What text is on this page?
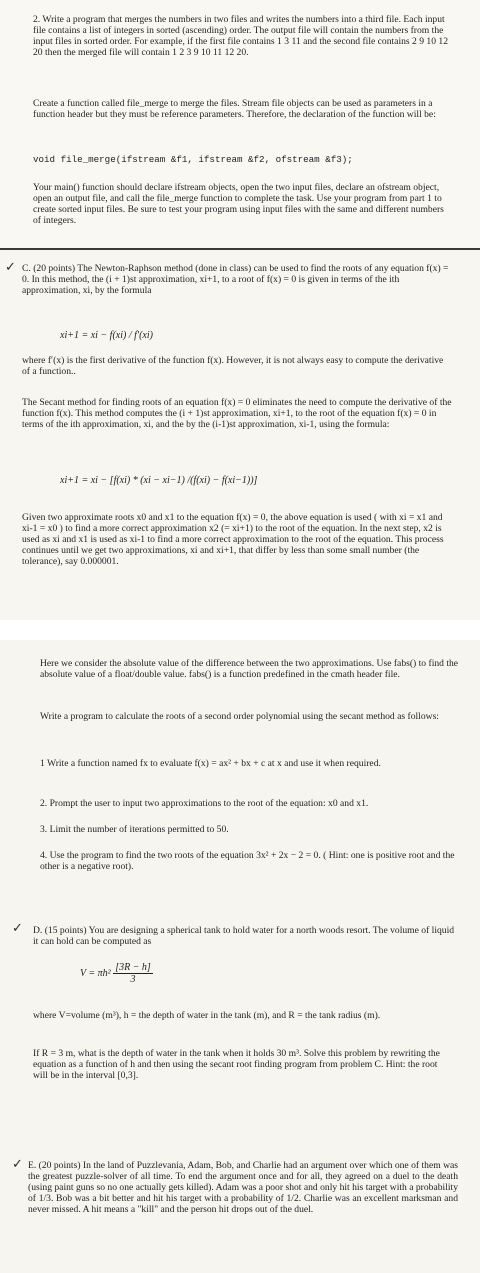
2. Write a program that merges the numbers in two files and writes the numbers into a third file. Each input file contains a list of integers in sorted (ascending) order. The output file will contain the numbers from the input files in sorted order. For example, if the first file contains 1 3 11 and the second file contains 2 9 10 12 20 then the merged file will contain 1 2 3 9 10 11 12 20.
Create a function called file_merge to merge the files. Stream file objects can be used as parameters in a function header but they must be reference parameters. Therefore, the declaration of the function will be:
void file_merge(ifstream &f1, ifstream &f2, ofstream &f3);
Your main() function should declare ifstream objects, open the two input files, declare an ofstream object, open an output file, and call the file_merge function to complete the task. Use your program from part 1 to create sorted input files. Be sure to test your program using input files with the same and different numbers of integers.
✓ C. (20 points) The Newton-Raphson method (done in class) can be used to find the roots of any equation f(x) = 0. In this method, the (i + 1)st approximation, xi+1, to a root of f(x) = 0 is given in terms of the ith approximation, xi, by the formula
xi+1 = xi − f(xi) / f′(xi)
where f′(x) is the first derivative of the function f(x). However, it is not always easy to compute the derivative of a function..
The Secant method for finding roots of an equation f(x) = 0 eliminates the need to compute the derivative of the function f(x). This method computes the (i + 1)st approximation, xi+1, to the root of the equation f(x) = 0 in terms of the ith approximation, xi, and the by the (i-1)st approximation, xi-1, using the formula:
xi+1 = xi − [f(xi) * (xi − xi−1) /(f(xi) − f(xi−1))]
Given two approximate roots x0 and x1 to the equation f(x) = 0, the above equation is used ( with xi = x1 and xi-1 = x0 ) to find a more correct approximation x2 (= xi+1) to the root of the equation. In the next step, x2 is used as xi and x1 is used as xi-1 to find a more correct approximation to the root of the equation. This process continues until we get two approximations, xi and xi+1, that differ by less than some small number (the tolerance), say 0.000001.
Here we consider the absolute value of the difference between the two approximations. Use fabs() to find the absolute value of a float/double value. fabs() is a function predefined in the cmath header file.
Write a program to calculate the roots of a second order polynomial using the secant method as follows:
1 Write a function named fx to evaluate f(x) = ax² + bx + c at x and use it when required.
2. Prompt the user to input two approximations to the root of the equation: x0 and x1.
3. Limit the number of iterations permitted to 50.
4. Use the program to find the two roots of the equation 3x² + 2x − 2 = 0. ( Hint: one is positive root and the other is a negative root).
✓ D. (15 points) You are designing a spherical tank to hold water for a north woods resort. The volume of liquid it can hold can be computed as
$V = \pi h^2 \frac{[3R - h]}{3}$
where V=volume (m³), h = the depth of water in the tank (m), and R = the tank radius (m).
If R = 3 m, what is the depth of water in the tank when it holds 30 m³. Solve this problem by rewriting the equation as a function of h and then using the secant root finding program from problem C. Hint: the root will be in the interval [0,3].
✓ E. (20 points) In the land of Puzzlevania, Adam, Bob, and Charlie had an argument over which one of them was the greatest puzzle-solver of all time. To end the argument once and for all, they agreed on a duel to the death (using paint guns so no one actually gets killed). Adam was a poor shot and only hit his target with a probability of 1/3. Bob was a bit better and hit his target with a probability of 1/2. Charlie was an excellent marksman and never missed. A hit means a "kill" and the person hit drops out of the duel.
